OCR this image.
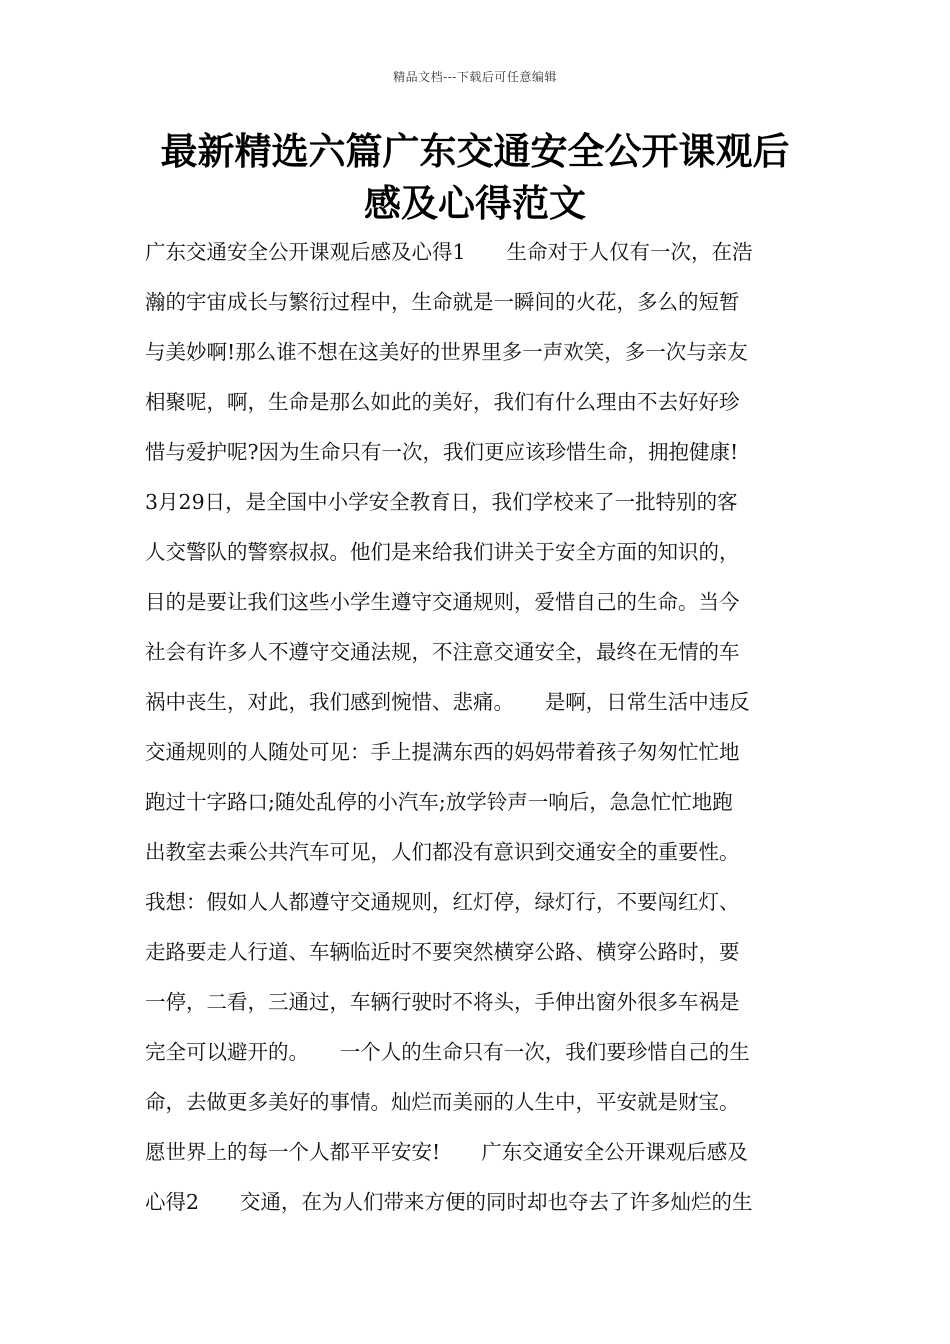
精品文档---下载后可任意编辑
最新精选六篇广东交通安全公开课观后
感及心得范文
广东交通安全公开课观后感及心得1　　生命对于人仅有一次，在浩
瀚的宇宙成长与繁衍过程中，生命就是一瞬间的火花，多么的短暂
与美妙啊!那么谁不想在这美好的世界里多一声欢笑，多一次与亲友
相聚呢，啊，生命是那么如此的美好，我们有什么理由不去好好珍
惜与爱护呢?因为生命只有一次，我们更应该珍惜生命，拥抱健康!
3月29日，是全国中小学安全教育日，我们学校来了一批特别的客
人交警队的警察叔叔。他们是来给我们讲关于安全方面的知识的，
目的是要让我们这些小学生遵守交通规则，爱惜自己的生命。当今
社会有许多人不遵守交通法规，不注意交通安全，最终在无情的车
祸中丧生，对此，我们感到惋惜、悲痛。　　是啊，日常生活中违反
交通规则的人随处可见：手上提满东西的妈妈带着孩子匆匆忙忙地
跑过十字路口;随处乱停的小汽车;放学铃声一响后，急急忙忙地跑
出教室去乘公共汽车可见，人们都没有意识到交通安全的重要性。
我想：假如人人都遵守交通规则，红灯停，绿灯行，不要闯红灯、
走路要走人行道、车辆临近时不要突然横穿公路、横穿公路时，要
一停，二看，三通过，车辆行驶时不将头，手伸出窗外很多车祸是
完全可以避开的。　　一个人的生命只有一次，我们要珍惜自己的生
命，去做更多美好的事情。灿烂而美丽的人生中，平安就是财宝。
愿世界上的每一个人都平平安安!　　广东交通安全公开课观后感及
心得2　　交通，在为人们带来方便的同时却也夺去了许多灿烂的生
